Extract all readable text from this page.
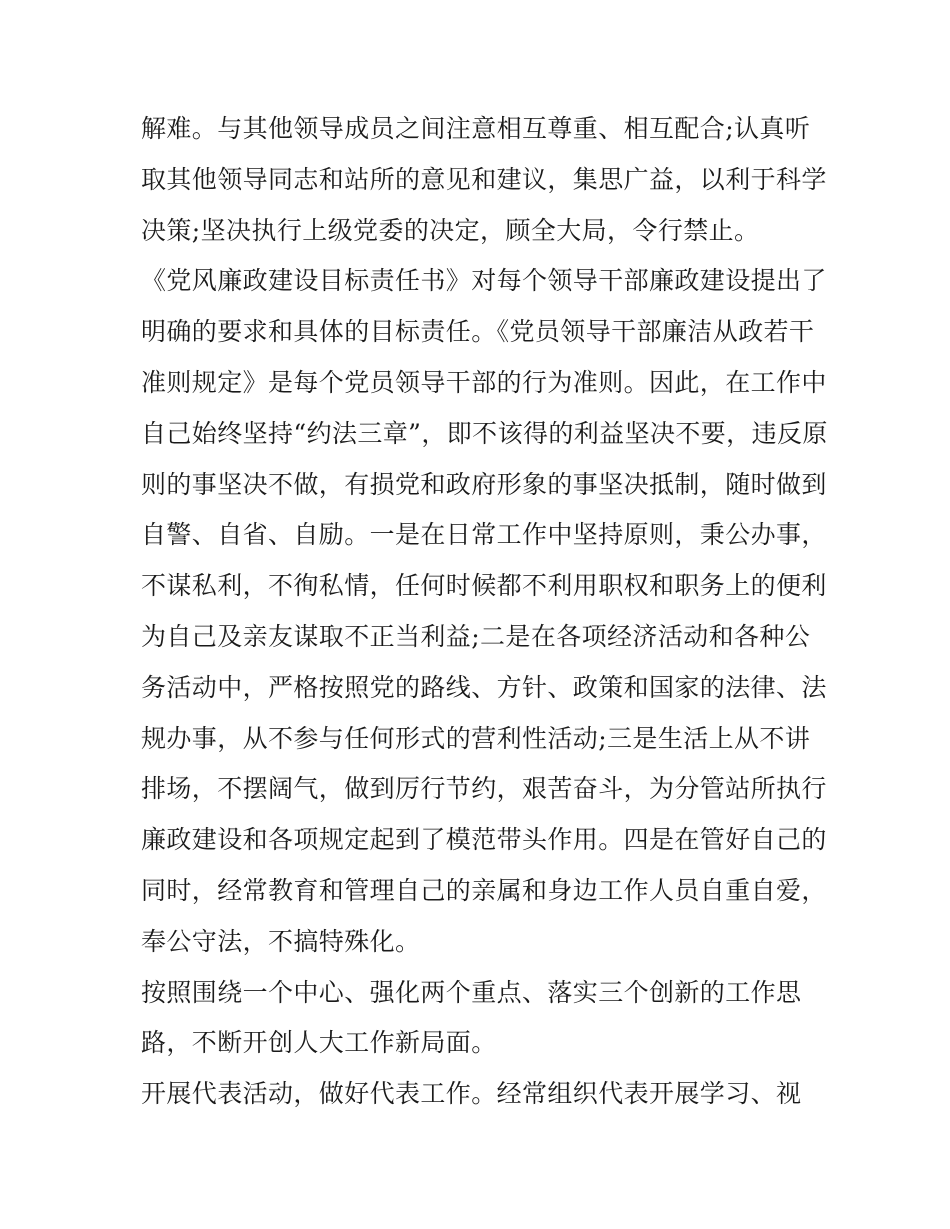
解难。与其他领导成员之间注意相互尊重、相互配合;认真听
取其他领导同志和站所的意见和建议，集思广益，以利于科学
决策;坚决执行上级党委的决定，顾全大局，令行禁止。

《党风廉政建设目标责任书》对每个领导干部廉政建设提出了
明确的要求和具体的目标责任。《党员领导干部廉洁从政若干
准则规定》是每个党员领导干部的行为准则。因此，在工作中
自己始终坚持“约法三章”，即不该得的利益坚决不要，违反原
则的事坚决不做，有损党和政府形象的事坚决抵制，随时做到
自警、自省、自励。一是在日常工作中坚持原则，秉公办事，
不谋私利，不徇私情，任何时候都不利用职权和职务上的便利
为自己及亲友谋取不正当利益;二是在各项经济活动和各种公
务活动中，严格按照党的路线、方针、政策和国家的法律、法
规办事，从不参与任何形式的营利性活动;三是生活上从不讲
排场，不摆阔气，做到厉行节约，艰苦奋斗，为分管站所执行
廉政建设和各项规定起到了模范带头作用。四是在管好自己的
同时，经常教育和管理自己的亲属和身边工作人员自重自爱，
奉公守法，不搞特殊化。

按照围绕一个中心、强化两个重点、落实三个创新的工作思
路，不断开创人大工作新局面。

开展代表活动，做好代表工作。经常组织代表开展学习、视
